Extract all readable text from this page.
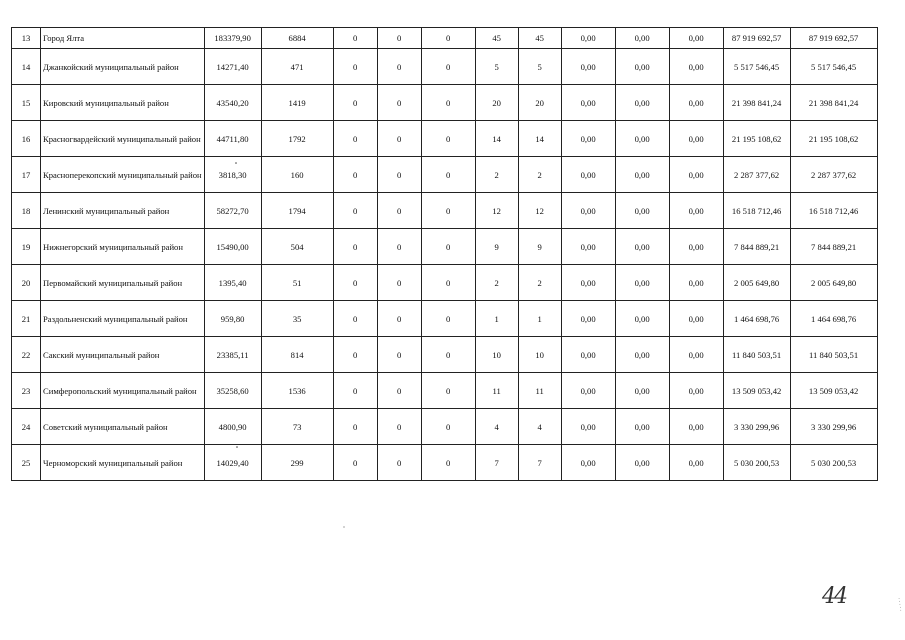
13	Город Ялта	183379,90	6884	0	0	0	45	45	0,00	0,00	0,00	87 919 692,57	87 919 692,57
14	Джанкойский муниципальный район	14271,40	471	0	0	0	5	5	0,00	0,00	0,00	5 517 546,45	5 517 546,45
15	Кировский муниципальный район	43540,20	1419	0	0	0	20	20	0,00	0,00	0,00	21 398 841,24	21 398 841,24
16	Красногвардейский муниципальный район	44711,80	1792	0	0	0	14	14	0,00	0,00	0,00	21 195 108,62	21 195 108,62
17	Красноперекопский муниципальный район	3818,30	160	0	0	0	2	2	0,00	0,00	0,00	2 287 377,62	2 287 377,62
18	Ленинский муниципальный район	58272,70	1794	0	0	0	12	12	0,00	0,00	0,00	16 518 712,46	16 518 712,46
19	Нижнегорский муниципальный район	15490,00	504	0	0	0	9	9	0,00	0,00	0,00	7 844 889,21	7 844 889,21
20	Первомайский муниципальный район	1395,40	51	0	0	0	2	2	0,00	0,00	0,00	2 005 649,80	2 005 649,80
21	Раздольненский муниципальный район	959,80	35	0	0	0	1	1	0,00	0,00	0,00	1 464 698,76	1 464 698,76
22	Сакский муниципальный район	23385,11	814	0	0	0	10	10	0,00	0,00	0,00	11 840 503,51	11 840 503,51
23	Симферопольский муниципальный район	35258,60	1536	0	0	0	11	11	0,00	0,00	0,00	13 509 053,42	13 509 053,42
24	Советский муниципальный район	4800,90	73	0	0	0	4	4	0,00	0,00	0,00	3 330 299,96	3 330 299,96
25	Черноморский муниципальный район	14029,40	299	0	0	0	7	7	0,00	0,00	0,00	5 030 200,53	5 030 200,53
44
